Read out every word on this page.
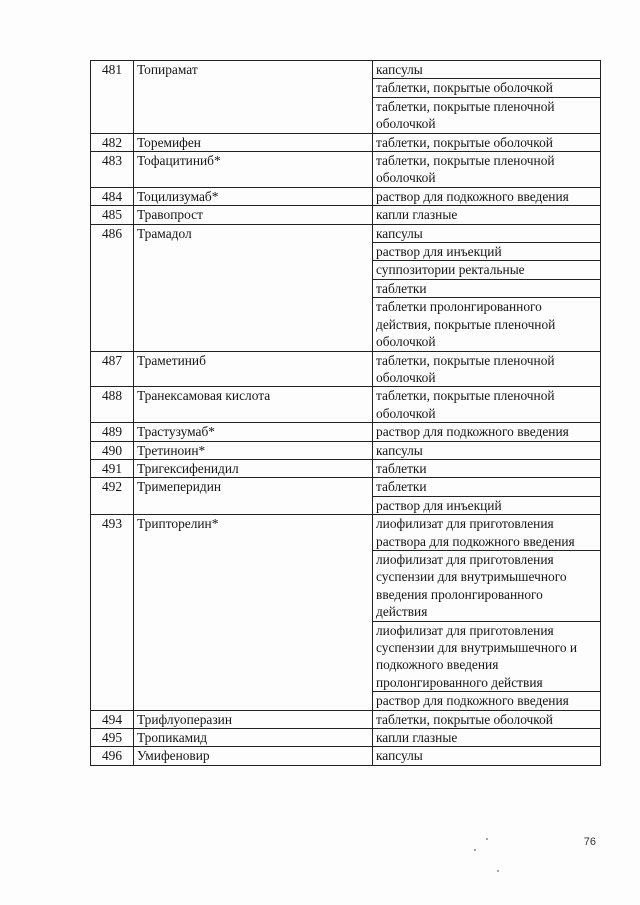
481	Топирамат	капсулы
таблетки, покрытые оболочкой
таблетки, покрытые пленочной оболочкой

482	Торемифен	таблетки, покрытые оболочкой

483	Тофацитиниб*	таблетки, покрытые пленочной оболочкой

484	Тоцилизумаб*	раствор для подкожного введения

485	Травопрост	капли глазные

486	Трамадол	капсулы
раствор для инъекций
суппозитории ректальные
таблетки
таблетки пролонгированного действия, покрытые пленочной оболочкой

487	Траметиниб	таблетки, покрытые пленочной оболочкой

488	Транексамовая кислота	таблетки, покрытые пленочной оболочкой

489	Трастузумаб*	раствор для подкожного введения

490	Третиноин*	капсулы

491	Тригексифенидил	таблетки

492	Тримеперидин	таблетки
раствор для инъекций

493	Трипторелин*	лиофилизат для приготовления раствора для подкожного введения
лиофилизат для приготовления суспензии для внутримышечного введения пролонгированного действия
лиофилизат для приготовления суспензии для внутримышечного и подкожного введения пролонгированного действия
раствор для подкожного введения

494	Трифлуоперазин	таблетки, покрытые оболочкой

495	Тропикамид	капли глазные

496	Умифеновир	капсулы
76
